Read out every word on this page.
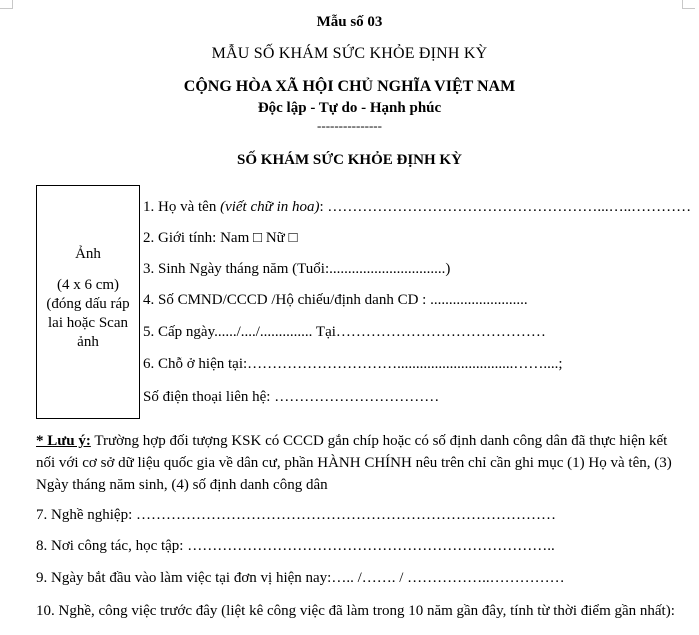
Mẫu số 03
MẪU SỐ KHÁM SỨC KHỎE ĐỊNH KỲ
CỘNG HÒA XÃ HỘI CHỦ NGHĨA VIỆT NAM
Độc lập - Tự do - Hạnh phúc
---------------
SỐ KHÁM SỨC KHỎE ĐỊNH KỲ
Ảnh
(4 x 6 cm)
(đóng dấu ráp
lai hoặc Scan
ảnh
1. Họ và tên (viết chữ in hoa): ………………………………………………...…..…………
2. Giới tính: Nam □ Nữ □
3. Sinh Ngày tháng năm (Tuổi:...............................)
4. Số CMND/CCCD /Hộ chiếu/định danh CD : ..........................
5. Cấp ngày....../..../.............. Tại……………………………………
6. Chỗ ở hiện tại:…………………………...............................……....;
Số điện thoại liên hệ: ……………………………
* Lưu ý: Trường hợp đối tượng KSK có CCCD gắn chíp hoặc có số định danh công dân đã thực hiện kết nối với cơ sở dữ liệu quốc gia về dân cư, phần HÀNH CHÍNH nêu trên chỉ cần ghi mục (1) Họ và tên, (3) Ngày tháng năm sinh, (4) số định danh công dân
7. Nghề nghiệp: …………………………………………………………………………
8. Nơi công tác, học tập: ………………………………………………………………..
9. Ngày bắt đầu vào làm việc tại đơn vị hiện nay:….. /……. / ……………..……………
10. Nghề, công việc trước đây (liệt kê công việc đã làm trong 10 năm gần đây, tính từ thời điểm gần nhất):
